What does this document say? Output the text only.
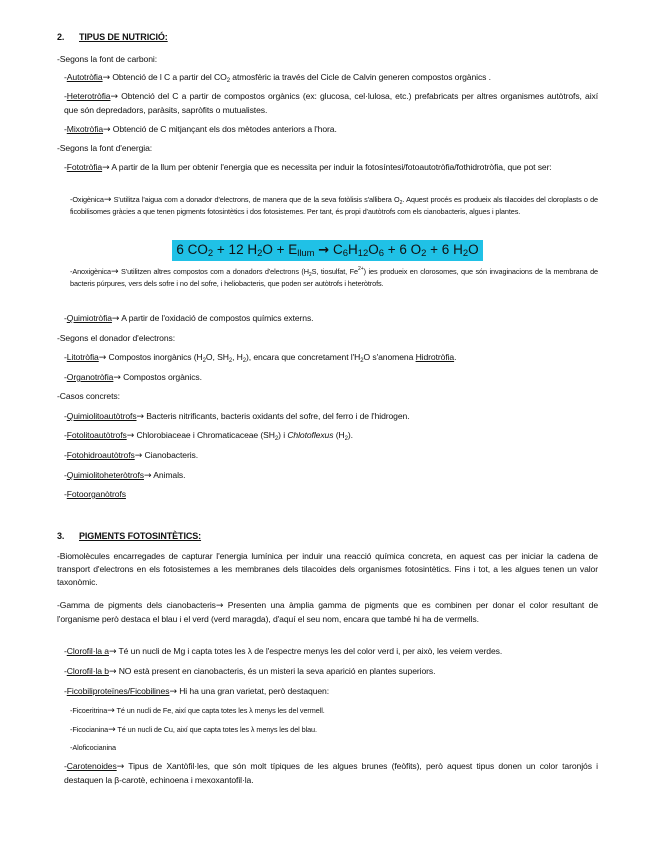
2. TIPUS DE NUTRICIÓ:
-Segons la font de carboni:
-Autotròfia→ Obtenció de l C a partir del $CO_2$ atmosfèric ia través del Cicle de Calvin generen compostos orgànics .
-Heterotròfia→ Obtenció del C a partir de compostos orgànics (ex: glucosa, cel·lulosa, etc.) prefabricats per altres organismes autòtrofs, així que són depredadors, paràsits, sapròfits o mutualistes.
-Mixotròfia→ Obtenció de C mitjançant els dos mètodes anteriors a l'hora.
-Segons la font d'energia:
-Fototròfia→ A partir de la llum per obtenir l'energia que es necessita per induir la fotosíntesi/fotoautotròfia/fothidrotròfia, que pot ser:
-Oxigènica→ S'utilitza l'aigua com a donador d'electrons, de manera que de la seva fotòlisis s'allibera $O_2$. Aquest procés es produeix als tilacoides del cloroplasts o de ficobilisomes gràcies a que tenen pigments fotosintètics i dos fotosistemes. Per tant, és propi d'autòtrofs com els cianobacteris, algues i plantes.
6 $CO_2 + 12$ $H_2O + E_{llum} \to C_6H_{12}O_6 + 6$ $O_2 + 6$ $H_2O$
-Anoxigènica→ S'utilitzen altres compostos com a donadors d'electrons ($H_2S$, tiosulfat, $Fe^{2+}$) ies produeix en clorosomes, que són invaginacions de la membrana de bacteris púrpures, vers dels sofre i no del sofre, i heliobacteris, que poden ser autòtrofs i heteròtrofs.
-Quimiotròfia→ A partir de l'oxidació de compostos químics externs.
-Segons el donador d'electrons:
-Litotròfia→ Compostos inorgànics ($H_2O$, $SH_2$, $H_2$), encara que concretament $l'H_2O$ s'anomena Hidrotròfia.
-Organotròfia→ Compostos orgànics.
-Casos concrets:
-Quimiolitoautòtrofs→ Bacteris nitrificants, bacteris oxidants del sofre, del ferro i de l'hidrogen.
-Fotolitoautòtrofs→ Chlorobiaceae i Chromaticaceae $(SH_2)$ i Chlotoflexus $(H_2)$.
-Fotohidroautòtrofs→ Cianobacteris.
-Quimiolitoheteròtrofs→ Animals.
-Fotoorganòtrofs
3. PIGMENTS FOTOSINTÈTICS:
-Biomolècules encarregades de capturar l'energia lumínica per induir una reacció química concreta, en aquest cas per iniciar la cadena de transport d'electrons en els fotosistemes a les membranes dels tilacoides dels organismes fotosintètics. Fins i tot, a les algues tenen un valor taxonòmic.
-Gamma de pigments dels cianobacteris→ Presenten una àmplia gamma de pigments que es combinen per donar el color resultant de l'organisme però destaca el blau i el verd (verd maragda), d'aquí el seu nom, encara que també hi ha de vermells.
-Clorofil·la a→ Té un nucli de Mg i capta totes les λ de l'espectre menys les del color verd i, per això, les veiem verdes.
-Clorofil·la b→ NO està present en cianobacteris, és un misteri la seva aparició en plantes superiors.
-Ficobiliproteïnes/Ficobilines→ Hi ha una gran varietat, però destaquen:
-Ficoeritrina→ Té un nucli de Fe, així que capta totes les λ menys les del vermell.
-Ficocianina→ Té un nucli de Cu, així que capta totes les λ menys les del blau.
-Aloficocianina
-Carotenoides→ Tipus de Xantòfil·les, que són molt típiques de les algues brunes (feòfits), però aquest tipus donen un color taronjós i destaquen la β-carotè, echinoena i mexoxantofil·la.
